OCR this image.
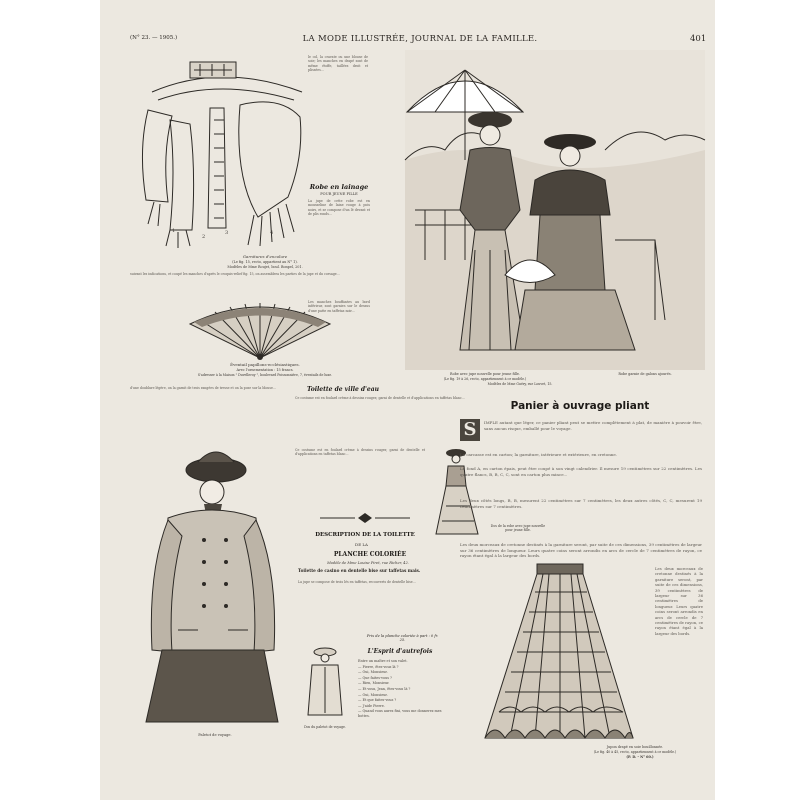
(N° 23. — 1905.)	LA MODE ILLUSTRÉE, JOURNAL DE LA FAMILLE.	401
1
2
3	4
Garnitures d'encolure
(Le fig. 15, recto, appartient au N° 1).
Modèles de Mme Roujet, boul. Bonpel, 201.
suivant les indications, et coupé les manches d'après le croquis-relief fig. 15, on assemblera les parties de la jupe et du corsage...
Éventail papillons-ecclésiastiques.
Avec l'ornementation : 15 francs.
S'adresser à la Maison " Duvelleroy ", boulevard Poissonnière, 7, éventails de luxe.
d'une doublure légère, on la garnit de trois rangées de tresse et on la pose sur la blouse...
le col, la cravate ou une blouse de soie; les manches en drapé sont de même étoffe, taillées droit et plissées...
Robe en lainage
POUR JEUNE FILLE
La jupe de cette robe est en mousseline de laine rouge à pois noirs, et se compose d'un lé devant et de plis ronds...
Les manches bouffantes au bord inférieur, sont garnies sur le dessus d'une patte en taffetas noir...
Robe avec jupe nouvelle pour jeune fille.
(Le fig. 19 à 26, recto, appartiennent à ce modèle.)
Modèles de Mme Guéry, rue Louvet, 15.
Robe garnie de galons ajourés.
Toilette de ville d'eau
Ce costume est en foulard crème à dessins rouges; garni de dentelle et d'applications en taffetas blanc...
Ce costume est en foulard crème à dessins rouges; garni de dentelle et d'applications en taffetas blanc...
Dos de la robe avec jupe nouvelle pour jeune fille.
DESCRIPTION DE LA TOILETTE
DE LA
PLANCHE COLORIÉE
Modèle de Mme Louise Piret, rue Richer, 42.
Toilette de casino en dentelle bise sur taffetas mais.
La jupe se compose de trois lés en taffetas, recouverts de dentelle bise...
Prix de la planche coloriée à part : 0 fr. 25.
Dos du paletot de voyage.
L'Esprit d'autrefois
Entre un maître et son valet.
— Pierre, êtes-vous là ?
— Oui, Monsieur.
— Que faites-vous ?
— Rien, Monsieur.
— Et vous, Jean, êtes-vous là ?
— Oui, Monsieur.
— Et que faites-vous ?
— J'aide Pierre.
— Quand vous aurez fini, vous me donnerez mes bottes.
Paletot de voyage.
Panier à ouvrage pliant
S	IMPLE autant que léger, ce panier pliant peut se mettre complètement à plat, de manière à pouvoir être, sans aucun risque, emballé pour le voyage.
La carcasse est en carton; la garniture, intérieure et extérieure, en cretonne.
Le fond A, en carton épais, peut être coupé à son vingt calendrier. Il mesure 19 centimètres sur 22 centimètres. Les quatre flancs, B, B, C, C, sont en carton plus mince...
Les deux côtés longs, B, B, mesurent 22 centimètres sur 7 centimètres, les deux autres côtés, C, C, mesurent 19 centimètres sur 7 centimètres.
Les deux morceaux de cretonne destinés à la garniture seront, par suite de ces dimensions, 39 centimètres de largeur sur 36 centimètres de longueur. Leurs quatre coins seront arrondis en arcs de cercle de 7 centimètres de rayon, ce rayon étant égal à la largeur des bords.
Les deux morceaux de cretonne destinés à la garniture seront, par suite de ces dimensions, 39 centimètres de largeur sur 36 centimètres de longueur. Leurs quatre coins seront arrondis en arcs de cercle de 7 centimètres de rayon, ce rayon étant égal à la largeur des bords.
Jupon drapé en soie bouillonnée.
(Le fig. 40 à 45, recto, appartiennent à ce modèle.)
(P. D. - N° 60.)
